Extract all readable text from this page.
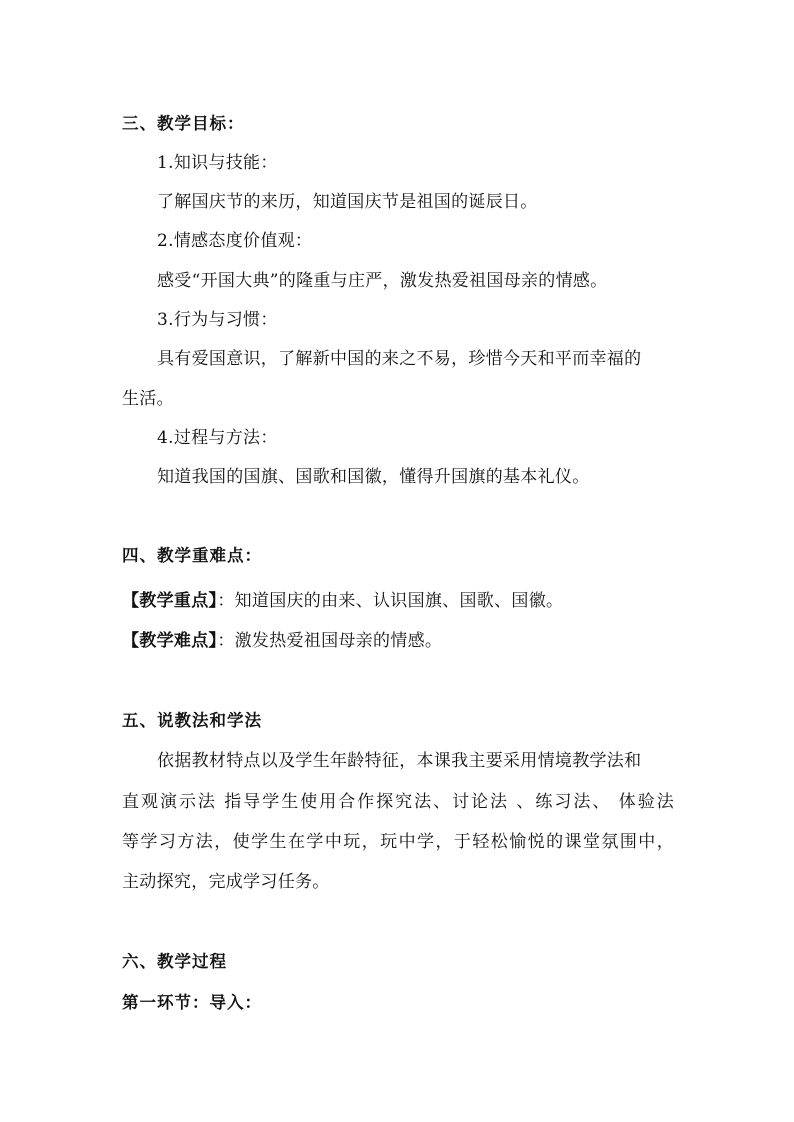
三、教学目标：
1.知识与技能：
了解国庆节的来历，知道国庆节是祖国的诞辰日。
2.情感态度价值观：
感受“开国大典”的隆重与庄严，激发热爱祖国母亲的情感。
3.行为与习惯：
具有爱国意识，了解新中国的来之不易，珍惜今天和平而幸福的
生活。
4.过程与方法：
知道我国的国旗、国歌和国徽，懂得升国旗的基本礼仪。
四、教学重难点：
【教学重点】：知道国庆的由来、认识国旗、国歌、国徽。
【教学难点】：激发热爱祖国母亲的情感。
五、说教法和学法
依据教材特点以及学生年龄特征，本课我主要采用情境教学法和
直观演示法 指导学生使用合作探究法、讨论法 、练习法、 体验法
等学习方法，使学生在学中玩，玩中学，于轻松愉悦的课堂氛围中，
主动探究，完成学习任务。
六、教学过程
第一环节：导入：
